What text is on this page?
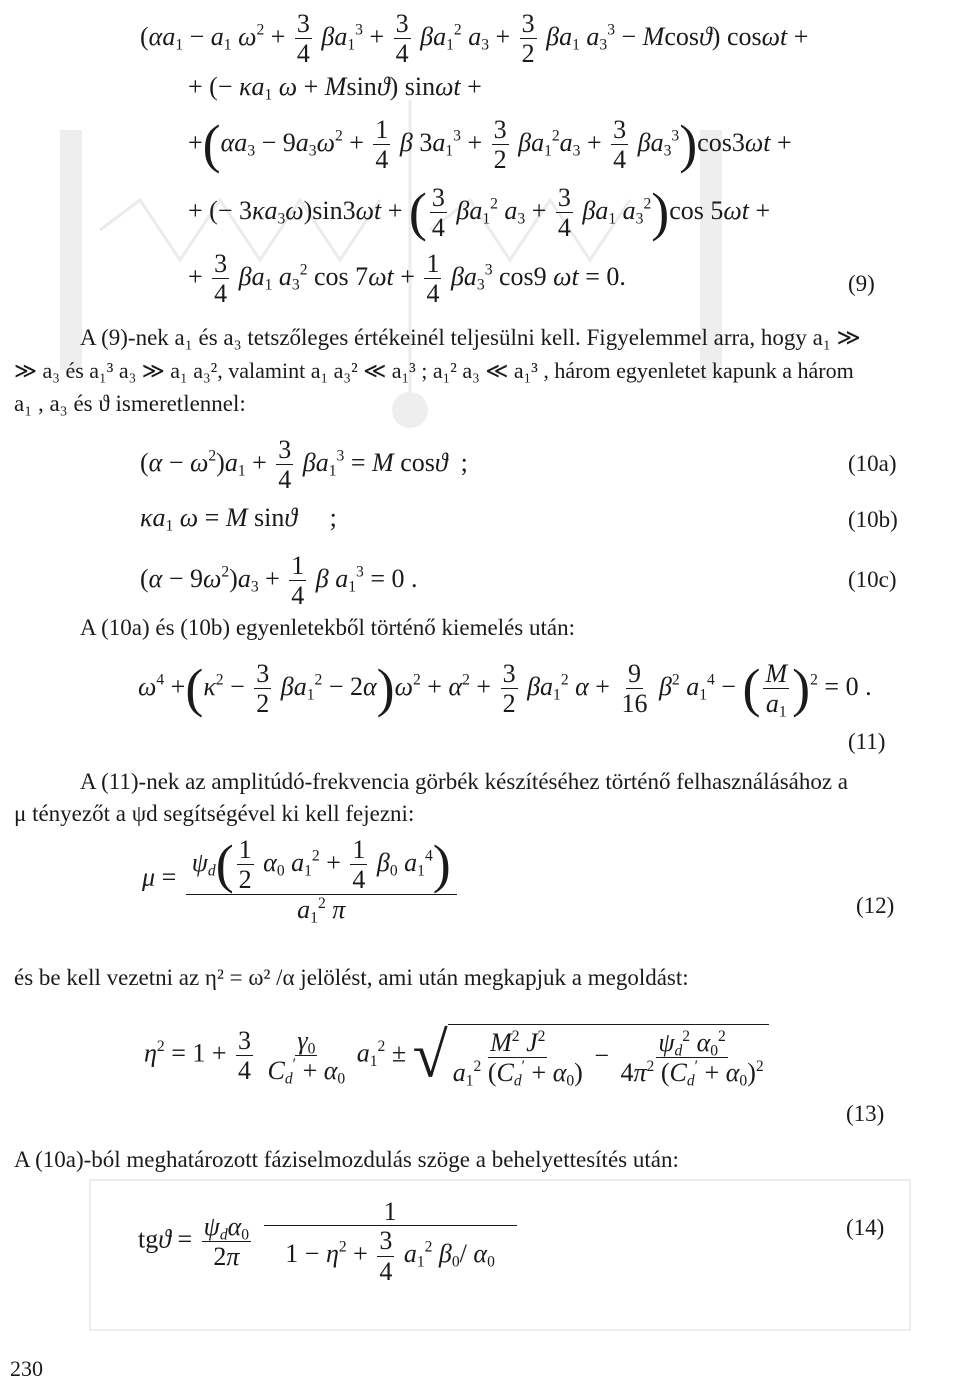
($\alpha a_1 - a_1$ $\omega^2 + \frac{3}{4} \beta a_1^3 + \frac{3}{4} \beta a_1^2$ $a_3 + \frac{3}{2} \beta a_1$ $a_3^3 - Mcosϑ$) cosωt +
+ (− $\kappa a_1$ ω + Msinϑ) sinωt +
$+(\alpha a_3 - 9a_3\omega^2 + \frac{1}{4}$ β $3a_1^3 + \frac{3}{2} \beta a_1^2a_3 + \frac{3}{4} \beta a_3^3)\cos 3\omega t$ +
+ (− $3\kappa a_3\omega)\sin 3\omega t$ + ( $\frac{3}{4} \beta a_1^2$ $a_3 + \frac{3}{4} \beta a_1$ $a_3^2)\cos$ 5ωt +
+ $\frac{3}{4} \beta a_1$ $a_3^2$ $\cos 7\omega t + \frac{1}{4} \beta a_3^3$ cos9 ωt = 0.	(9)
A (9)-nek a₁ és a₃ tetszőleges értékeinél teljesülni kell. Figyelemmel arra, hogy a₁ ≫
≫ a₃ és a₁³ a₃ ≫ a₁ a₃², valamint a₁ a₃² ≪ a₁³ ; a₁² a₃ ≪ a₁³ , három egyenletet kapunk a három
a₁ , a₃ és ϑ ismeretlennel:
$(\alpha - \omega^2)a_1 + \frac{3}{4} \beta a_1^3 = M$ cosϑ  ;	(10a)
$\kappa a_1$ ω = M sinϑ     ;	(10b)
$(\alpha - 9\omega^2)a_3 + \frac{1}{4}$ β $a_1^3 = 0$ .	(10c)
A (10a) és (10b) egyenletekből történő kiemelés után:
$\omega^4 +(\kappa^2 - \frac{3}{2} \beta a_1^2 - 2\alpha)\omega^2 + \alpha^2 + \frac{3}{2} \beta a_1^2$ $\alpha + \frac{9}{16} \beta^2$ $a_1^4$ − ( $\frac{M}{a_1} )^2 = 0$ .
(11)
A (11)-nek az amplitúdó-frekvencia görbék készítéséhez történő felhasználásához a
μ tényezőt a ψd segítségével ki kell fejezni:
$\mu = \frac{\psi_d( \frac{1}{2} \alpha_0 a_1^2 + \frac{1}{4} \beta_0 a_1^4)}{a_1^2 \pi}$	(12)
és be kell vezetni az η² = ω² /α jelölést, ami után megkapjuk a megoldást:
$\eta^2 = 1 + \frac{3}{4}$
$\frac{\gamma_0}{C_d' + \alpha_0} a_1^2$ ± √ $\frac{M^2 J^2}{a_1^2 (C_d' + \alpha_0)} - \frac{\psi_d^2 \alpha_0^2}{4\pi^2 (C_d' + \alpha_0)^2}$
(13)
A (10a)-ból meghatározott fáziselmozdulás szöge a behelyettesítés után:
$tgϑ = \frac{\psi_d\alpha_0}{2\pi}$
$\frac{1}{1 - \eta^2 + \frac{3}{4} a_1^2 \beta_0/ \alpha_0}$	(14)
230
